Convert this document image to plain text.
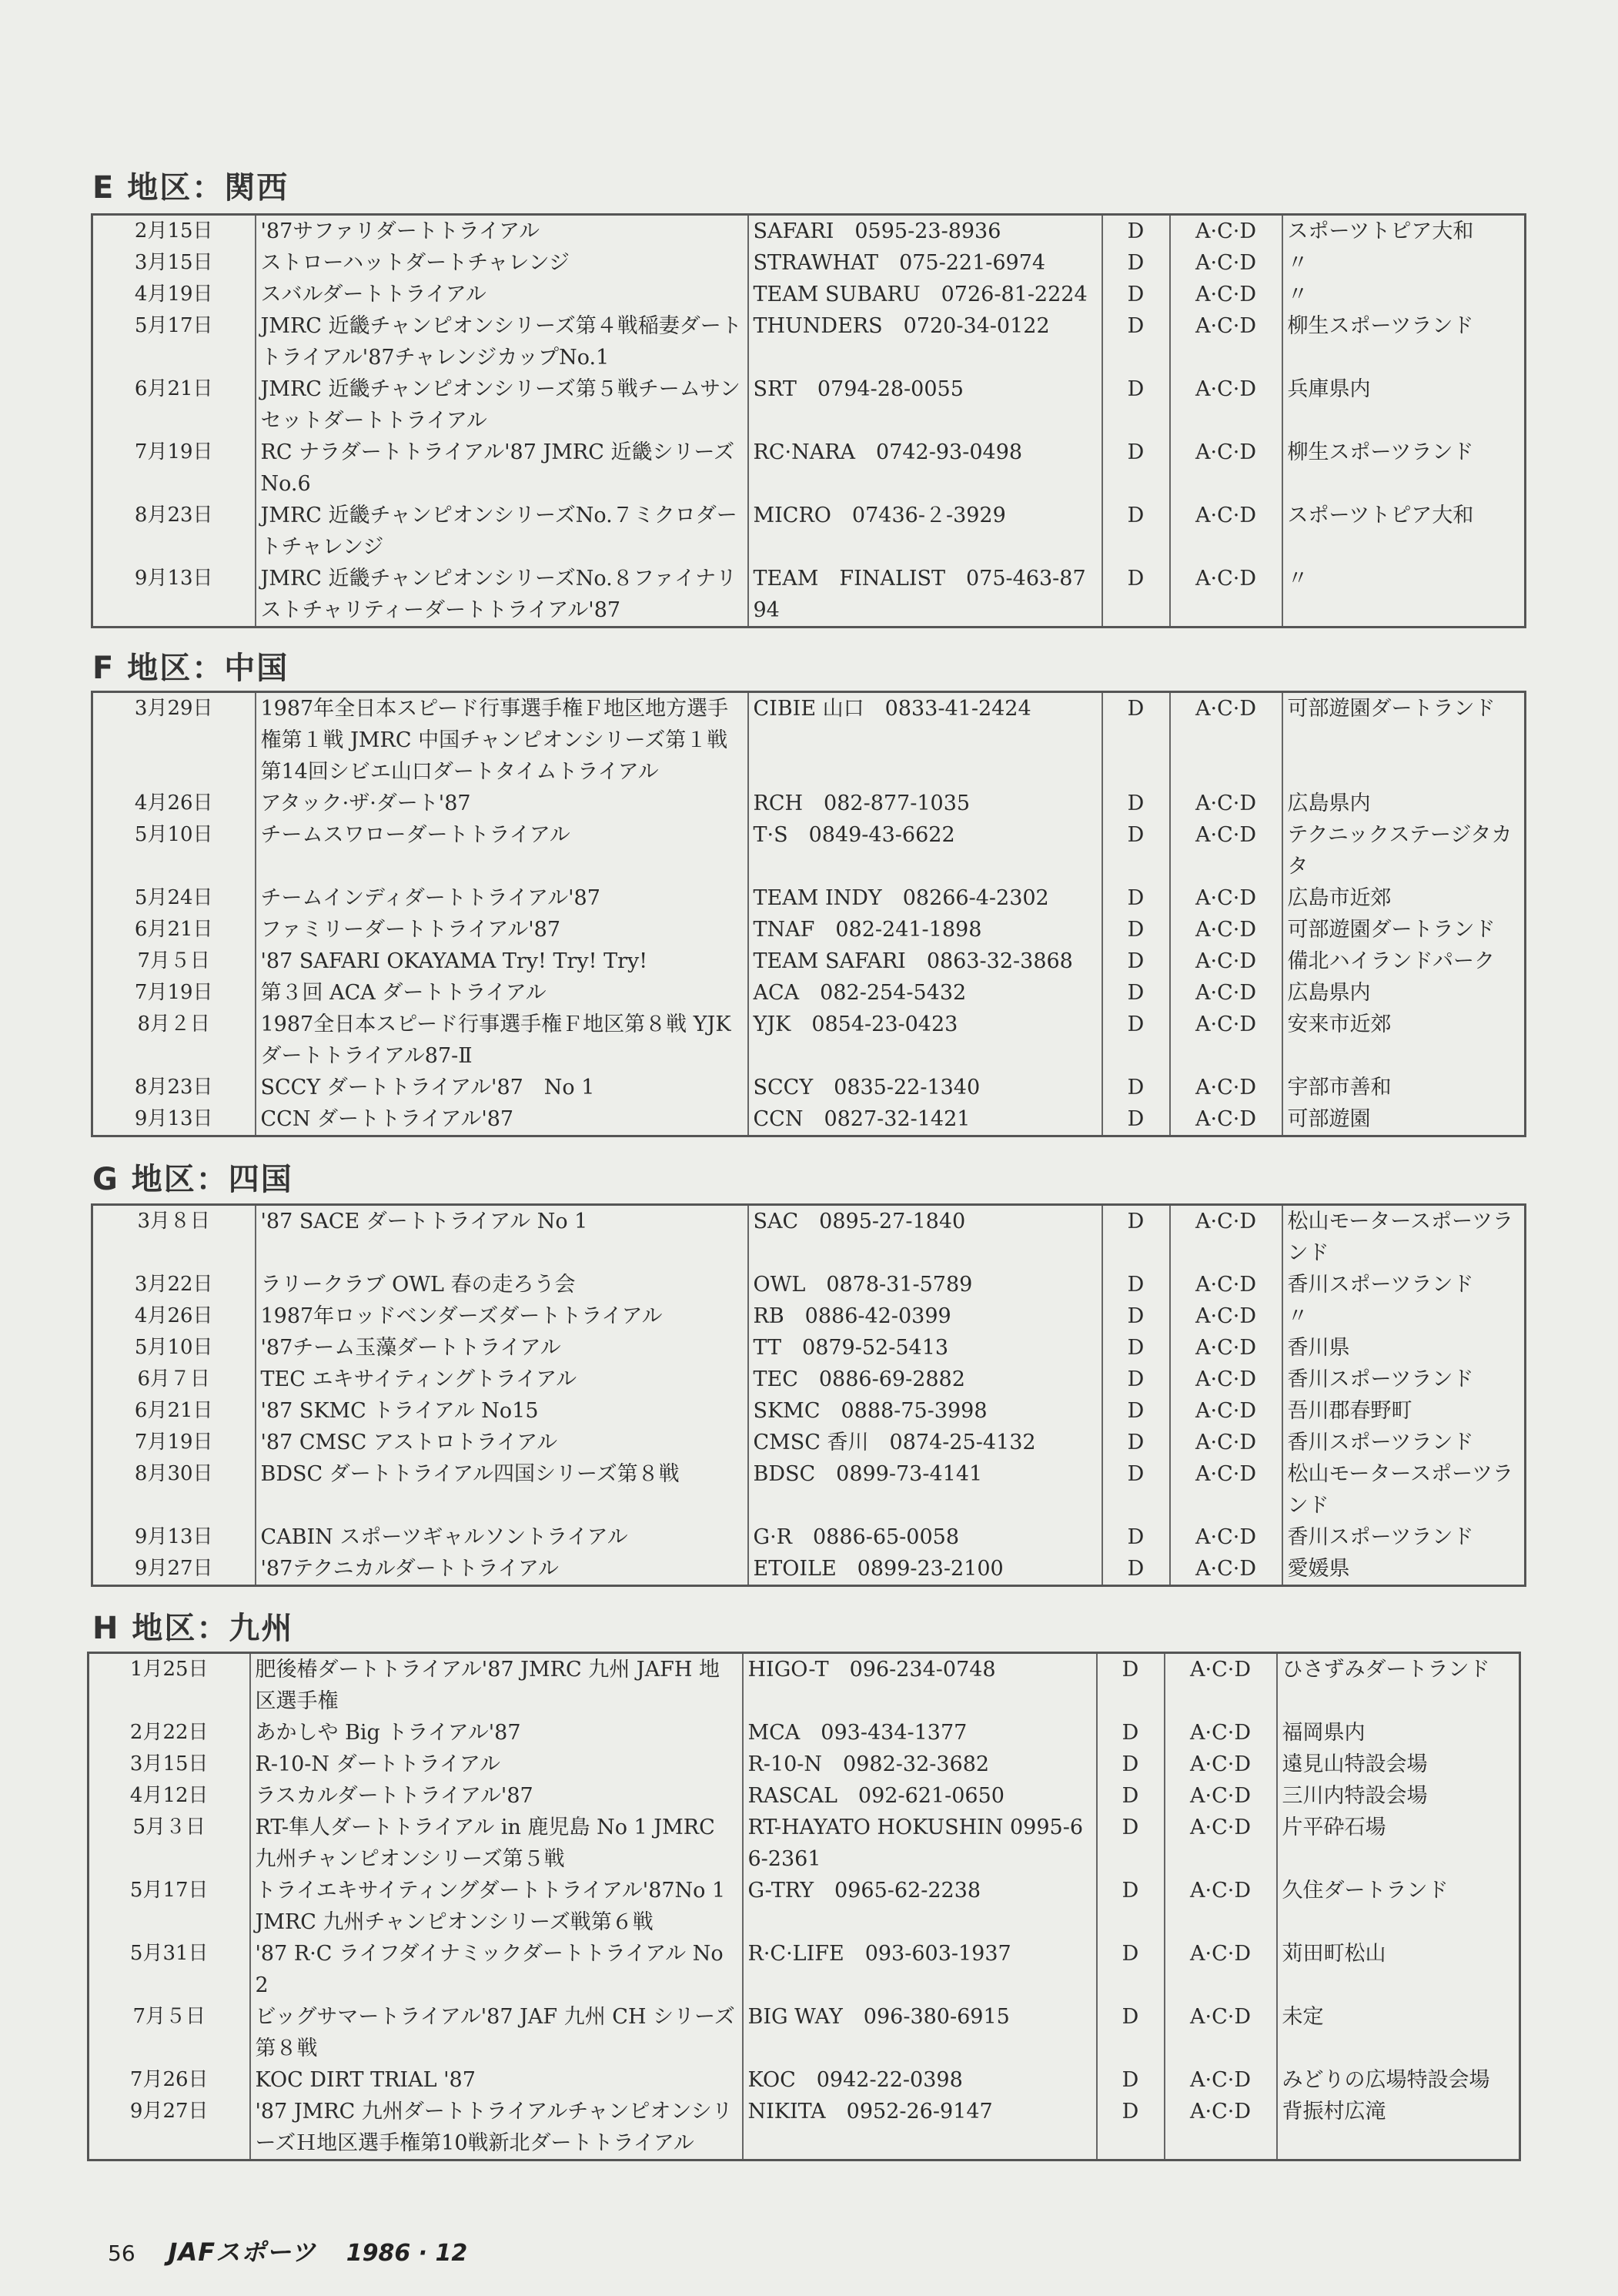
E 地区：関西
2月15日	'87サファリダートトライアル	SAFARI　0595-23-8936	D	A·C·D	スポーツトピア大和
3月15日	ストローハットダートチャレンジ	STRAWHAT　075-221-6974	D	A·C·D	〃
4月19日	スバルダートトライアル	TEAM SUBARU　0726-81-2224	D	A·C·D	〃
5月17日	JMRC 近畿チャンピオンシリーズ第４戦稲妻ダートトライアル'87チャレンジカップNo.1	THUNDERS　0720-34-0122	D	A·C·D	柳生スポーツランド
6月21日	JMRC 近畿チャンピオンシリーズ第５戦チームサンセットダートトライアル	SRT　0794-28-0055	D	A·C·D	兵庫県内
7月19日	RC ナラダートトライアル'87 JMRC 近畿シリーズNo.6	RC·NARA　0742-93-0498	D	A·C·D	柳生スポーツランド
8月23日	JMRC 近畿チャンピオンシリーズNo.７ミクロダートチャレンジ	MICRO　07436-２-3929	D	A·C·D	スポーツトピア大和
9月13日	JMRC 近畿チャンピオンシリーズNo.８ファイナリストチャリティーダートトライアル'87	TEAM　FINALIST　075-463-8794	D	A·C·D	〃
F 地区：中国
3月29日	1987年全日本スピード行事選手権Ｆ地区地方選手権第１戦 JMRC 中国チャンピオンシリーズ第１戦第14回シビエ山口ダートタイムトライアル	CIBIE 山口　0833-41-2424	D	A·C·D	可部遊園ダートランド
4月26日	アタック·ザ·ダート'87	RCH　082-877-1035	D	A·C·D	広島県内
5月10日	チームスワローダートトライアル	T·S　0849-43-6622	D	A·C·D	テクニックステージタカタ
5月24日	チームインディダートトライアル'87	TEAM INDY　08266-4-2302	D	A·C·D	広島市近郊
6月21日	ファミリーダートトライアル'87	TNAF　082-241-1898	D	A·C·D	可部遊園ダートランド
7月５日	'87 SAFARI OKAYAMA Try! Try! Try!	TEAM SAFARI　0863-32-3868	D	A·C·D	備北ハイランドパーク
7月19日	第３回 ACA ダートトライアル	ACA　082-254-5432	D	A·C·D	広島県内
8月２日	1987全日本スピード行事選手権Ｆ地区第８戦 YJK ダートトライアル87-Ⅱ	YJK　0854-23-0423	D	A·C·D	安来市近郊
8月23日	SCCY ダートトライアル'87　No 1	SCCY　0835-22-1340	D	A·C·D	宇部市善和
9月13日	CCN ダートトライアル'87	CCN　0827-32-1421	D	A·C·D	可部遊園
G 地区：四国
3月８日	'87 SACE ダートトライアル No 1	SAC　0895-27-1840	D	A·C·D	松山モータースポーツランド
3月22日	ラリークラブ OWL 春の走ろう会	OWL　0878-31-5789	D	A·C·D	香川スポーツランド
4月26日	1987年ロッドベンダーズダートトライアル	RB　0886-42-0399	D	A·C·D	〃
5月10日	'87チーム玉藻ダートトライアル	TT　0879-52-5413	D	A·C·D	香川県
6月７日	TEC エキサイティングトライアル	TEC　0886-69-2882	D	A·C·D	香川スポーツランド
6月21日	'87 SKMC トライアル No15	SKMC　0888-75-3998	D	A·C·D	吾川郡春野町
7月19日	'87 CMSC アストロトライアル	CMSC 香川　0874-25-4132	D	A·C·D	香川スポーツランド
8月30日	BDSC ダートトライアル四国シリーズ第８戦	BDSC　0899-73-4141	D	A·C·D	松山モータースポーツランド
9月13日	CABIN スポーツギャルソントライアル	G·R　0886-65-0058	D	A·C·D	香川スポーツランド
9月27日	'87テクニカルダートトライアル	ETOILE　0899-23-2100	D	A·C·D	愛媛県
H 地区：九州
1月25日	肥後椿ダートトライアル'87 JMRC 九州 JAFH 地区選手権	HIGO-T　096-234-0748	D	A·C·D	ひさずみダートランド
2月22日	あかしや Big トライアル'87	MCA　093-434-1377	D	A·C·D	福岡県内
3月15日	R-10-N ダートトライアル	R-10-N　0982-32-3682	D	A·C·D	遠見山特設会場
4月12日	ラスカルダートトライアル'87	RASCAL　092-621-0650	D	A·C·D	三川内特設会場
5月３日	RT-隼人ダートトライアル in 鹿児島 No 1 JMRC 九州チャンピオンシリーズ第５戦	RT-HAYATO HOKUSHIN 0995-66-2361	D	A·C·D	片平砕石場
5月17日	トライエキサイティングダートトライアル'87No 1 JMRC 九州チャンピオンシリーズ戦第６戦	G-TRY　0965-62-2238	D	A·C·D	久住ダートランド
5月31日	'87 R·C ライフダイナミックダートトライアル No 2	R·C·LIFE　093-603-1937	D	A·C·D	苅田町松山
7月５日	ビッグサマートライアル'87 JAF 九州 CH シリーズ第８戦	BIG WAY　096-380-6915	D	A·C·D	未定
7月26日	KOC DIRT TRIAL '87	KOC　0942-22-0398	D	A·C·D	みどりの広場特設会場
9月27日	'87 JMRC 九州ダートトライアルチャンピオンシリーズＨ地区選手権第10戦新北ダートトライアル	NIKITA　0952-26-9147	D	A·C·D	背振村広滝
56 JAFスポーツ 1986 · 12
